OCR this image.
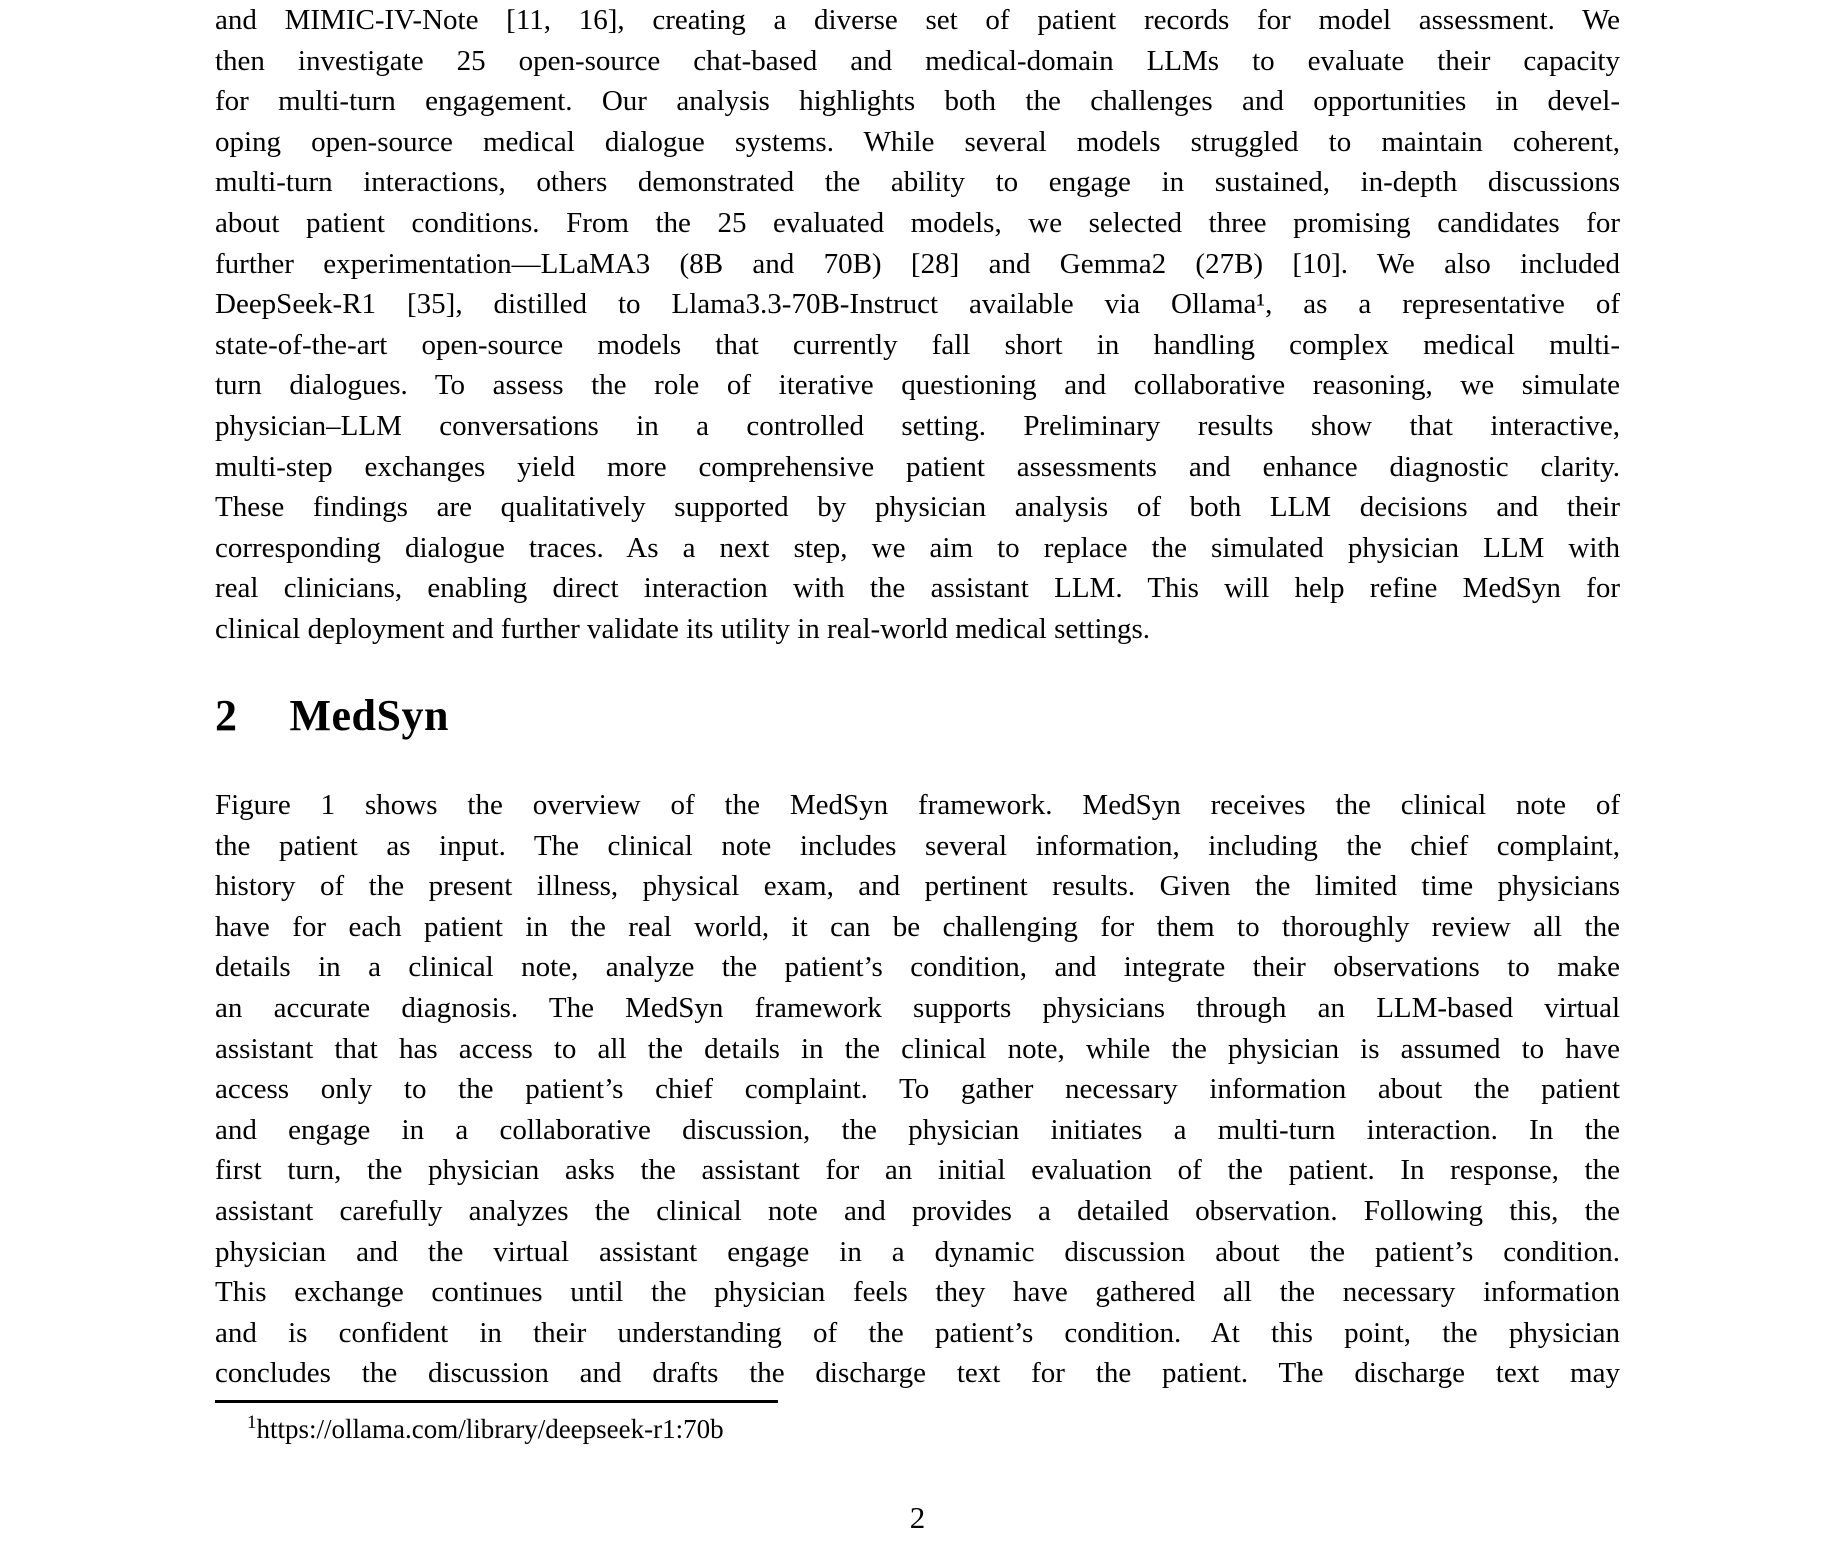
and MIMIC-IV-Note [11, 16], creating a diverse set of patient records for model assessment. We
then investigate 25 open-source chat-based and medical-domain LLMs to evaluate their capacity
for multi-turn engagement. Our analysis highlights both the challenges and opportunities in devel-
oping open-source medical dialogue systems. While several models struggled to maintain coherent,
multi-turn interactions, others demonstrated the ability to engage in sustained, in-depth discussions
about patient conditions. From the 25 evaluated models, we selected three promising candidates for
further experimentation—LLaMA3 (8B and 70B) [28] and Gemma2 (27B) [10]. We also included
DeepSeek-R1 [35], distilled to Llama3.3-70B-Instruct available via Ollama¹, as a representative of
state-of-the-art open-source models that currently fall short in handling complex medical multi-
turn dialogues. To assess the role of iterative questioning and collaborative reasoning, we simulate
physician–LLM conversations in a controlled setting. Preliminary results show that interactive,
multi-step exchanges yield more comprehensive patient assessments and enhance diagnostic clarity.
These findings are qualitatively supported by physician analysis of both LLM decisions and their
corresponding dialogue traces. As a next step, we aim to replace the simulated physician LLM with
real clinicians, enabling direct interaction with the assistant LLM. This will help refine MedSyn for
clinical deployment and further validate its utility in real-world medical settings.
2 MedSyn
Figure 1 shows the overview of the MedSyn framework. MedSyn receives the clinical note of
the patient as input. The clinical note includes several information, including the chief complaint,
history of the present illness, physical exam, and pertinent results. Given the limited time physicians
have for each patient in the real world, it can be challenging for them to thoroughly review all the
details in a clinical note, analyze the patient’s condition, and integrate their observations to make
an accurate diagnosis. The MedSyn framework supports physicians through an LLM-based virtual
assistant that has access to all the details in the clinical note, while the physician is assumed to have
access only to the patient’s chief complaint. To gather necessary information about the patient
and engage in a collaborative discussion, the physician initiates a multi-turn interaction. In the
first turn, the physician asks the assistant for an initial evaluation of the patient. In response, the
assistant carefully analyzes the clinical note and provides a detailed observation. Following this, the
physician and the virtual assistant engage in a dynamic discussion about the patient’s condition.
This exchange continues until the physician feels they have gathered all the necessary information
and is confident in their understanding of the patient’s condition. At this point, the physician
concludes the discussion and drafts the discharge text for the patient. The discharge text may
$^1$https://ollama.com/library/deepseek-r1:70b
2
